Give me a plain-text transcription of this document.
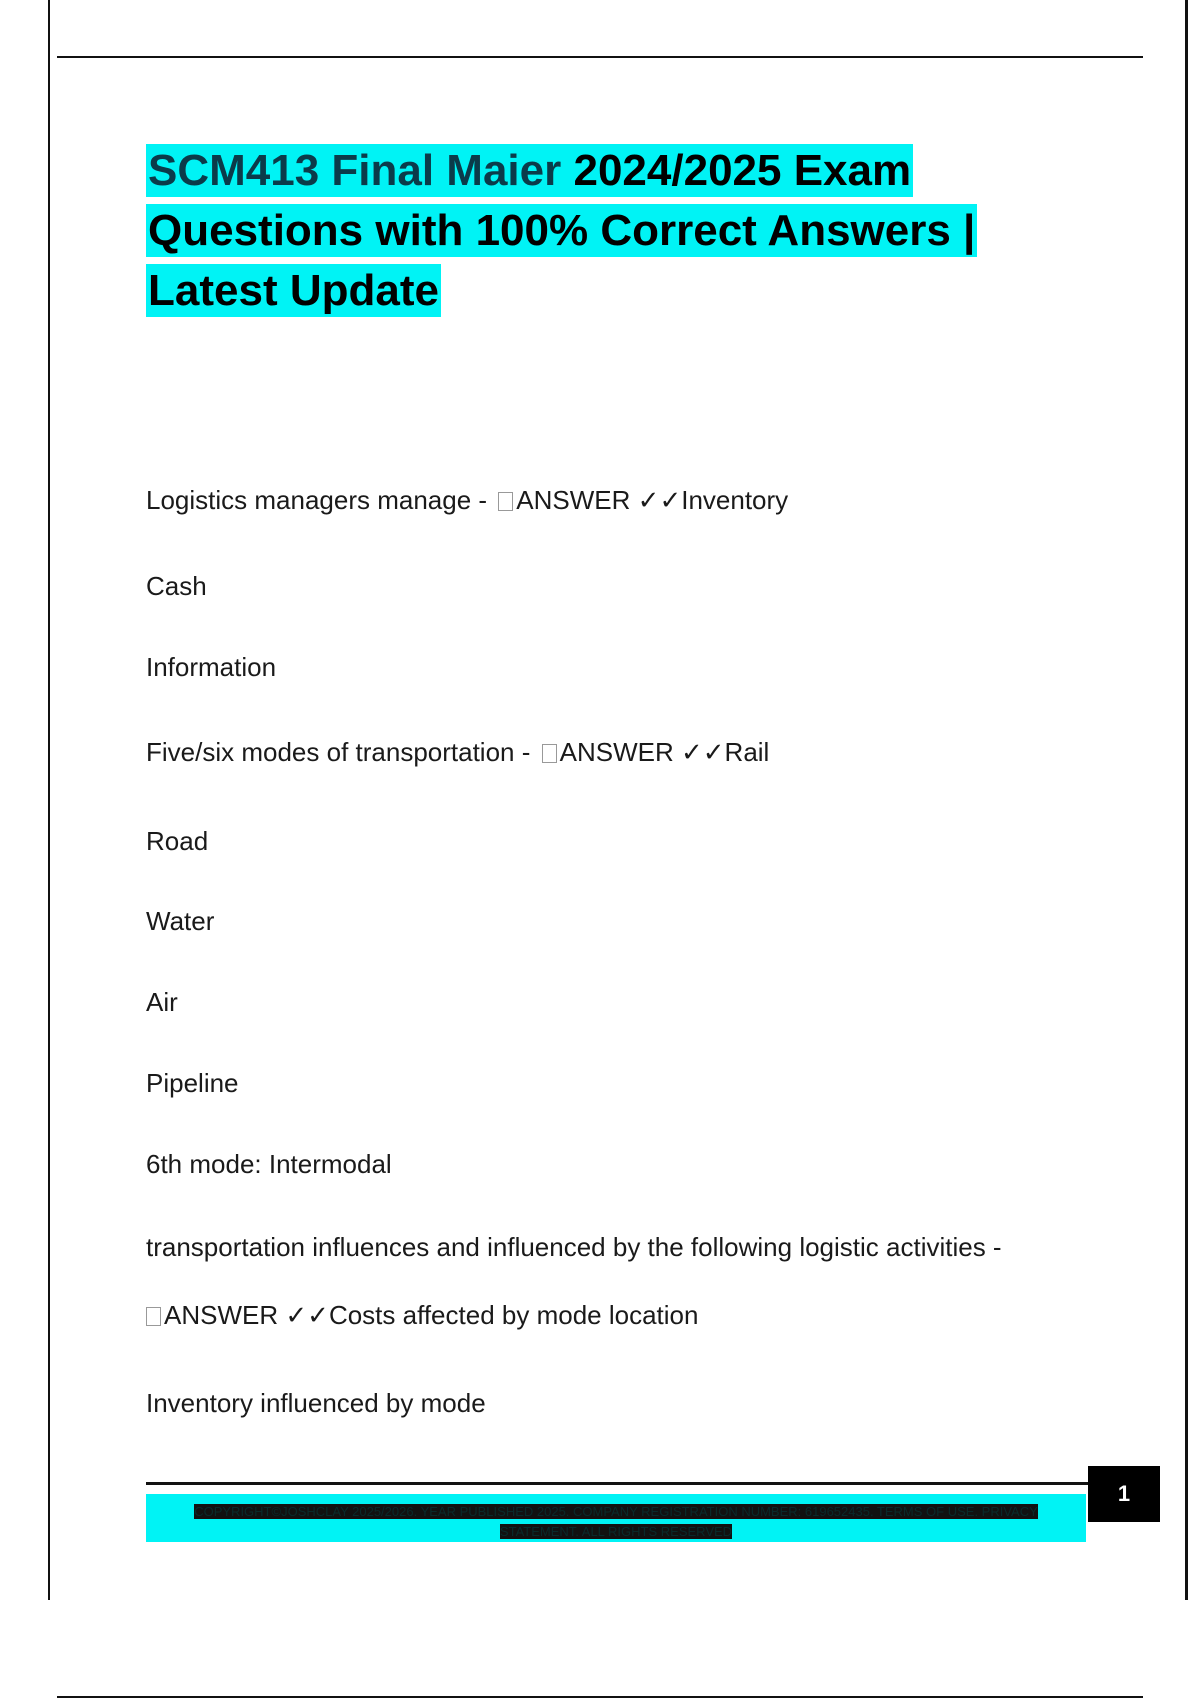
SCM413 Final Maier 2024/2025 Exam
Questions with 100% Correct Answers |
Latest Update
Logistics managers manage - ANSWER ✓✓Inventory
Cash
Information
Five/six modes of transportation - ANSWER ✓✓Rail
Road
Water
Air
Pipeline
6th mode: Intermodal
transportation influences and influenced by the following logistic activities -
ANSWER ✓✓Costs affected by mode location
Inventory influenced by mode
COPYRIGHT©JOSHCLAY 2025/2026. YEAR PUBLISHED 2025. COMPANY REGISTRATION NUMBER: 619652435. TERMS OF USE. PRIVACY
STATEMENT. ALL RIGHTS RESERVED
1
